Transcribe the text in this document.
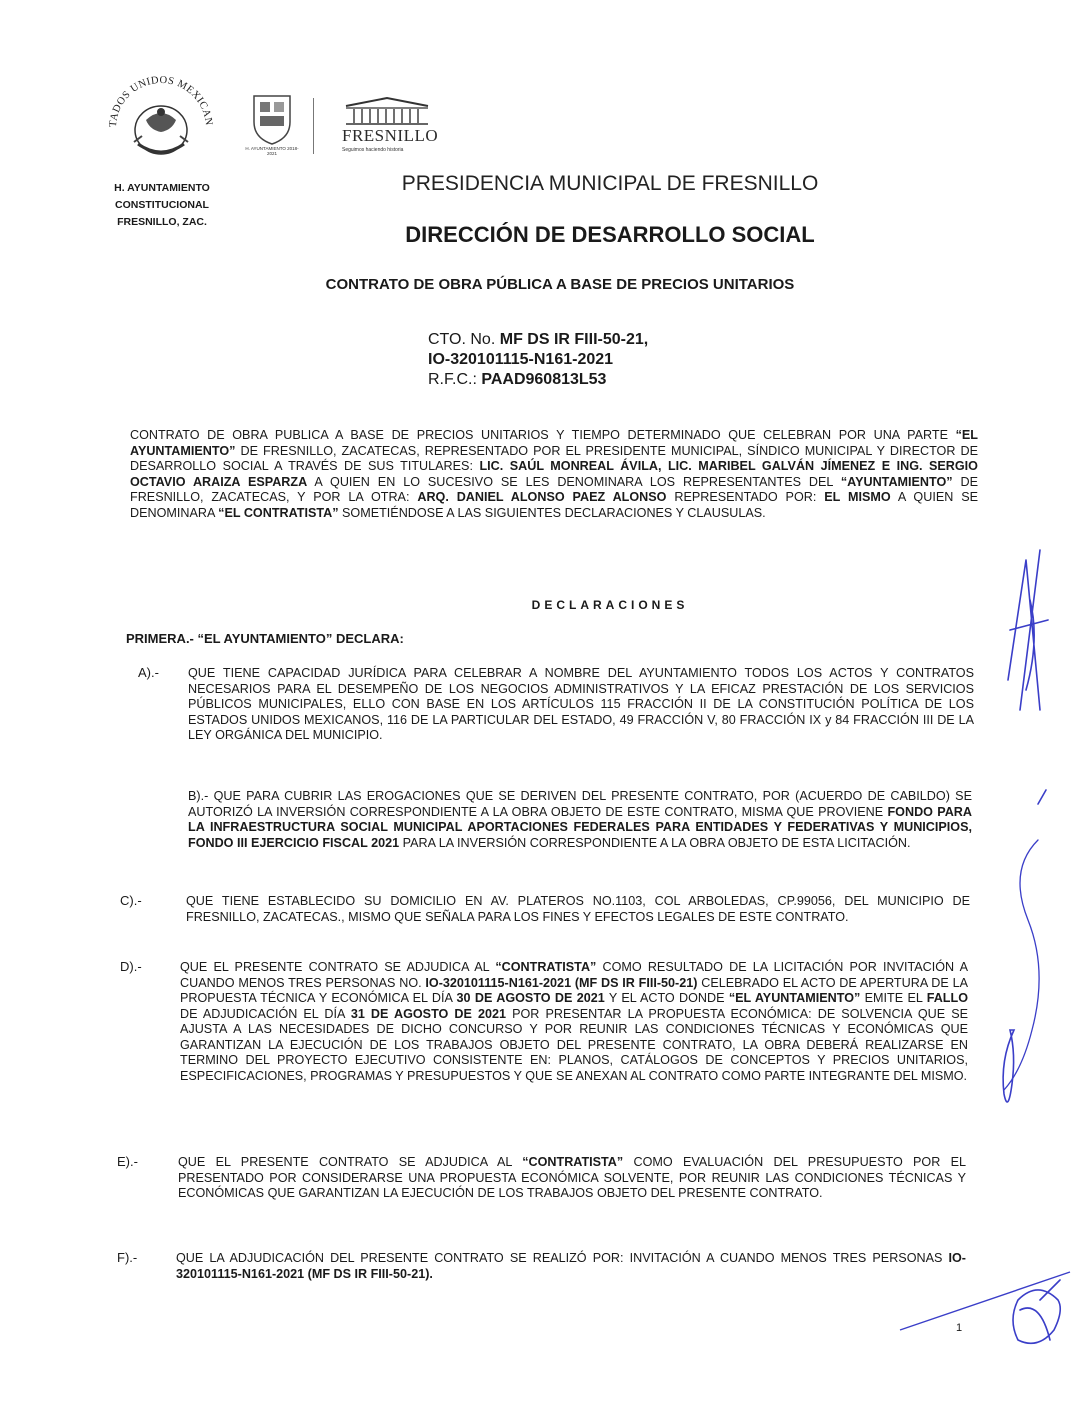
TADOS UNIDOS MEXICAN
H. AYUNTAMIENTO
CONSTITUCIONAL
FRESNILLO, ZAC.
H. AYUNTAMIENTO 2018-2021
FRESNILLO
Seguimos haciendo historia
PRESIDENCIA MUNICIPAL DE FRESNILLO
DIRECCIÓN DE DESARROLLO SOCIAL
CONTRATO DE OBRA PÚBLICA A BASE DE PRECIOS UNITARIOS
CTO. No. MF DS IR FIII-50-21,
IO-320101115-N161-2021
R.F.C.: PAAD960813L53
CONTRATO DE OBRA PUBLICA A BASE DE PRECIOS UNITARIOS Y TIEMPO DETERMINADO QUE CELEBRAN POR UNA PARTE “EL AYUNTAMIENTO” DE FRESNILLO, ZACATECAS, REPRESENTADO POR EL PRESIDENTE MUNICIPAL, SÍNDICO MUNICIPAL Y DIRECTOR DE DESARROLLO SOCIAL A TRAVÉS DE SUS TITULARES: LIC. SAÚL MONREAL ÁVILA, LIC. MARIBEL GALVÁN JÍMENEZ E ING. SERGIO OCTAVIO ARAIZA ESPARZA A QUIEN EN LO SUCESIVO SE LES DENOMINARA LOS REPRESENTANTES DEL “AYUNTAMIENTO” DE FRESNILLO, ZACATECAS, Y POR LA OTRA: ARQ. DANIEL ALONSO PAEZ ALONSO REPRESENTADO POR: EL MISMO A QUIEN SE DENOMINARA “EL CONTRATISTA” SOMETIÉNDOSE A LAS SIGUIENTES DECLARACIONES Y CLAUSULAS.
DECLARACIONES
PRIMERA.- “EL AYUNTAMIENTO” DECLARA:
A).- QUE TIENE CAPACIDAD JURÍDICA PARA CELEBRAR A NOMBRE DEL AYUNTAMIENTO TODOS LOS ACTOS Y CONTRATOS NECESARIOS PARA EL DESEMPEÑO DE LOS NEGOCIOS ADMINISTRATIVOS Y LA EFICAZ PRESTACIÓN DE LOS SERVICIOS PÚBLICOS MUNICIPALES, ELLO CON BASE EN LOS ARTÍCULOS 115 FRACCIÓN II DE LA CONSTITUCIÓN POLÍTICA DE LOS ESTADOS UNIDOS MEXICANOS, 116 DE LA PARTICULAR DEL ESTADO, 49 FRACCIÓN V, 80 FRACCIÓN IX y 84 FRACCIÓN III DE LA LEY ORGÁNICA DEL MUNICIPIO.
B).- QUE PARA CUBRIR LAS EROGACIONES QUE SE DERIVEN DEL PRESENTE CONTRATO, POR (ACUERDO DE CABILDO) SE AUTORIZÓ LA INVERSIÓN CORRESPONDIENTE A LA OBRA OBJETO DE ESTE CONTRATO, MISMA QUE PROVIENE FONDO PARA LA INFRAESTRUCTURA SOCIAL MUNICIPAL APORTACIONES FEDERALES PARA ENTIDADES Y FEDERATIVAS Y MUNICIPIOS, FONDO III EJERCICIO FISCAL 2021 PARA LA INVERSIÓN CORRESPONDIENTE A LA OBRA OBJETO DE ESTA LICITACIÓN.
C).-	QUE TIENE ESTABLECIDO SU DOMICILIO EN AV. PLATEROS NO.1103, COL ARBOLEDAS, CP.99056, DEL MUNICIPIO DE FRESNILLO, ZACATECAS., MISMO QUE SEÑALA PARA LOS FINES Y EFECTOS LEGALES DE ESTE CONTRATO.
D).-	QUE EL PRESENTE CONTRATO SE ADJUDICA AL “CONTRATISTA” COMO RESULTADO DE LA LICITACIÓN POR INVITACIÓN A CUANDO MENOS TRES PERSONAS NO. IO-320101115-N161-2021 (MF DS IR FIII-50-21) CELEBRADO EL ACTO DE APERTURA DE LA PROPUESTA TÉCNICA Y ECONÓMICA EL DÍA 30 DE AGOSTO DE 2021 Y EL ACTO DONDE “EL AYUNTAMIENTO” EMITE EL FALLO DE ADJUDICACIÓN EL DÍA 31 DE AGOSTO DE 2021 POR PRESENTAR LA PROPUESTA ECONÓMICA: DE SOLVENCIA QUE SE AJUSTA A LAS NECESIDADES DE DICHO CONCURSO Y POR REUNIR LAS CONDICIONES TÉCNICAS Y ECONÓMICAS QUE GARANTIZAN LA EJECUCIÓN DE LOS TRABAJOS OBJETO DEL PRESENTE CONTRATO, LA OBRA DEBERÁ REALIZARSE EN TERMINO DEL PROYECTO EJECUTIVO CONSISTENTE EN: PLANOS, CATÁLOGOS DE CONCEPTOS Y PRECIOS UNITARIOS, ESPECIFICACIONES, PROGRAMAS Y PRESUPUESTOS Y QUE SE ANEXAN AL CONTRATO COMO PARTE INTEGRANTE DEL MISMO.
E).-	QUE EL PRESENTE CONTRATO SE ADJUDICA AL “CONTRATISTA” COMO EVALUACIÓN DEL PRESUPUESTO POR EL PRESENTADO POR CONSIDERARSE UNA PROPUESTA ECONÓMICA SOLVENTE, POR REUNIR LAS CONDICIONES TÉCNICAS Y ECONÓMICAS QUE GARANTIZAN LA EJECUCIÓN DE LOS TRABAJOS OBJETO DEL PRESENTE CONTRATO.
F).-	QUE LA ADJUDICACIÓN DEL PRESENTE CONTRATO SE REALIZÓ POR: INVITACIÓN A CUANDO MENOS TRES PERSONAS IO-320101115-N161-2021 (MF DS IR FIII-50-21).
1
